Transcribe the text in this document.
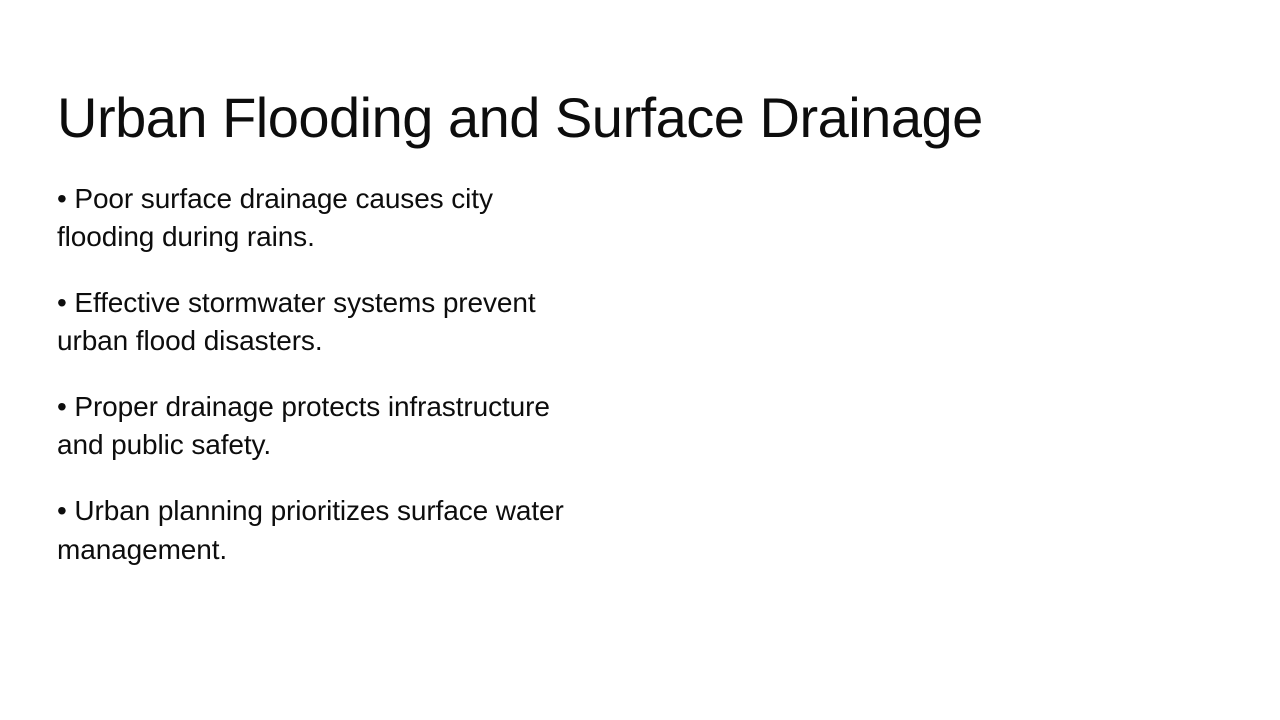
Urban Flooding and Surface Drainage

• Poor surface drainage causes city flooding during rains.

• Effective stormwater systems prevent urban flood disasters.

• Proper drainage protects infrastructure and public safety.

• Urban planning prioritizes surface water management.
